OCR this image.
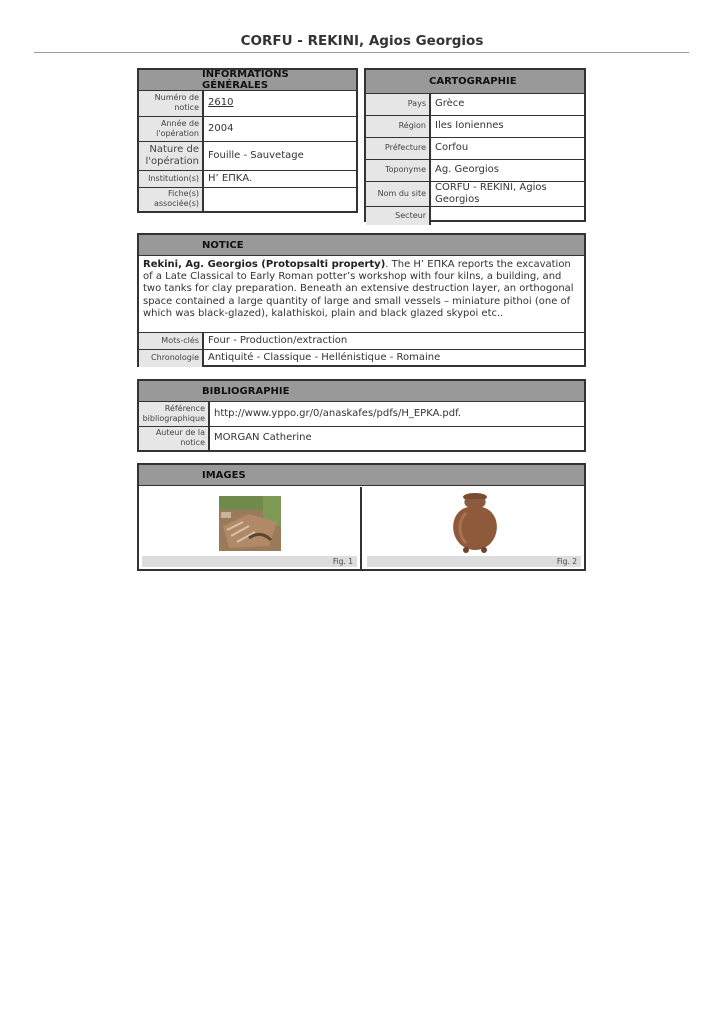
CORFU - REKINI, Agios Georgios
INFORMATIONS GÉNÉRALES
Numéro de notice	2610
Année de l'opération	2004
Nature de l'opération	Fouille - Sauvetage
Institution(s)	H’ ΕΠΚΑ.
Fiche(s) associée(s)	
CARTOGRAPHIE
Pays	Grèce
Région	Iles Ioniennes
Préfecture	Corfou
Toponyme	Ag. Georgios
Nom du site	CORFU - REKINI, Agios Georgios
Secteur	
NOTICE
Rekini, Ag. Georgios (Protopsalti property). The H’ ΕΠΚΑ reports the excavation of a Late Classical to Early Roman potter’s workshop with four kilns, a building, and two tanks for clay preparation. Beneath an extensive destruction layer, an orthogonal space contained a large quantity of large and small vessels – miniature pithoi (one of which was black-glazed), kalathiskoi, plain and black glazed skypoi etc..
Mots-clés	Four - Production/extraction
Chronologie	Antiquité - Classique - Hellénistique - Romaine
BIBLIOGRAPHIE
Référence bibliographique	http://www.yppo.gr/0/anaskafes/pdfs/H_EPKA.pdf.
Auteur de la notice	MORGAN Catherine
IMAGES
Fig. 1	Fig. 2
